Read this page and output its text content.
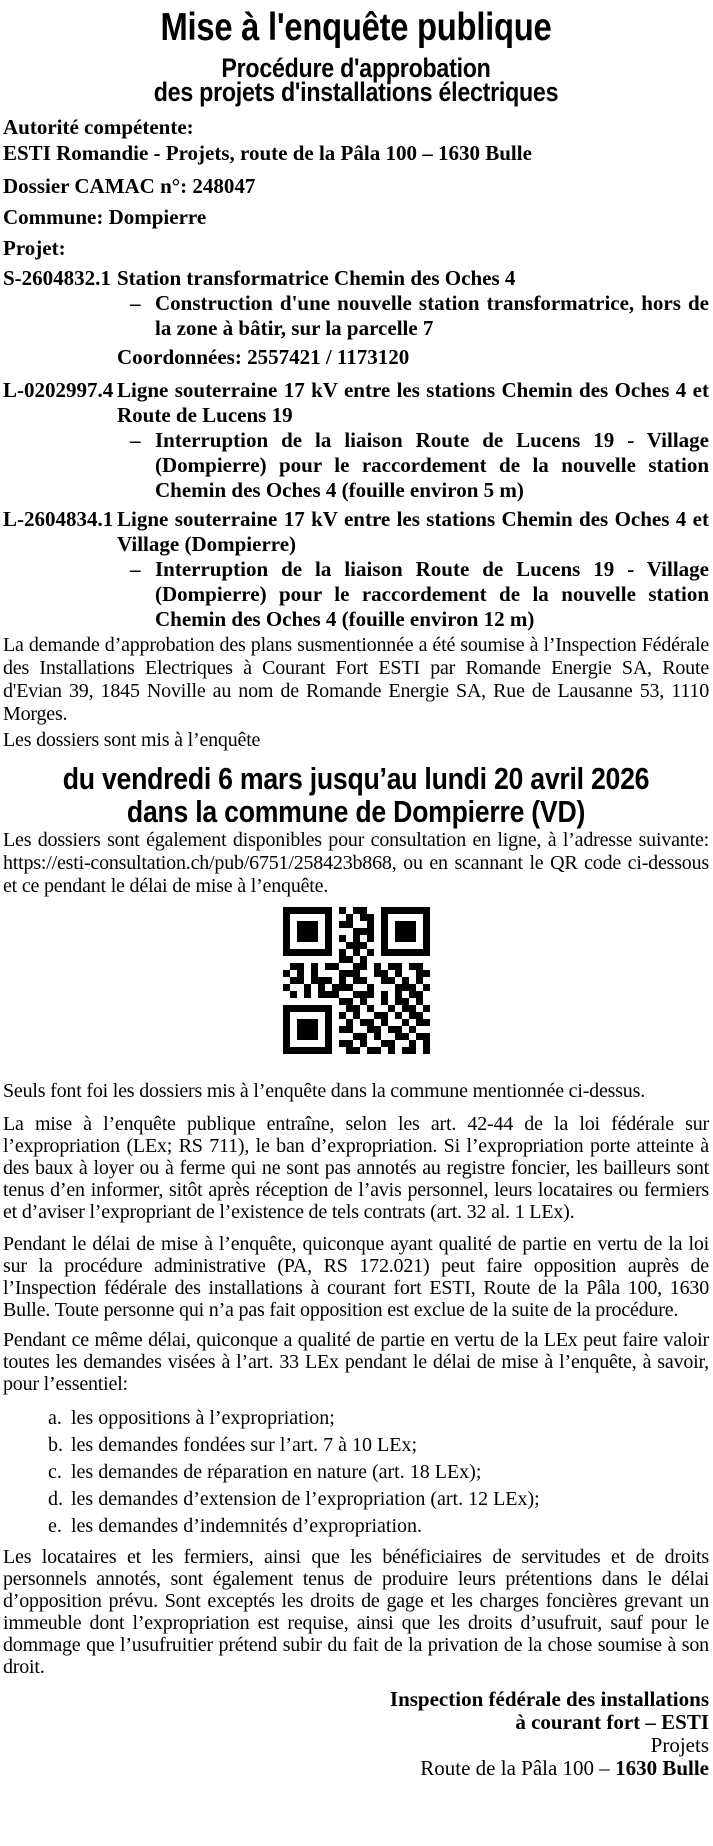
Mise à l'enquête publique
Procédure d'approbation
des projets d'installations électriques
Autorité compétente:
ESTI Romandie - Projets, route de la Pâla 100 – 1630 Bulle
Dossier CAMAC n°: 248047
Commune: Dompierre
Projet:
S-2604832.1 Station transformatrice Chemin des Oches 4
– Construction d'une nouvelle station transformatrice, hors de la zone à bâtir, sur la parcelle 7
Coordonnées: 2557421 / 1173120
L-0202997.4 Ligne souterraine 17 kV entre les stations Chemin des Oches 4 et Route de Lucens 19
– Interruption de la liaison Route de Lucens 19 - Village (Dompierre) pour le raccordement de la nouvelle station Chemin des Oches 4 (fouille environ 5 m)
L-2604834.1 Ligne souterraine 17 kV entre les stations Chemin des Oches 4 et Village (Dompierre)
– Interruption de la liaison Route de Lucens 19 - Village (Dompierre) pour le raccordement de la nouvelle station Chemin des Oches 4 (fouille environ 12 m)
La demande d’approbation des plans susmentionnée a été soumise à l’Inspection Fédérale des Installations Electriques à Courant Fort ESTI par Romande Energie SA, Route d'Evian 39, 1845 Noville au nom de Romande Energie SA, Rue de Lausanne 53, 1110 Morges.
Les dossiers sont mis à l’enquête
du vendredi 6 mars jusqu’au lundi 20 avril 2026
dans la commune de Dompierre (VD)
Les dossiers sont également disponibles pour consultation en ligne, à l’adresse suivante: https://esti-consultation.ch/pub/6751/258423b868, ou en scannant le QR code ci-dessous et ce pendant le délai de mise à l’enquête.
Seuls font foi les dossiers mis à l’enquête dans la commune mentionnée ci-dessus.
La mise à l’enquête publique entraîne, selon les art. 42-44 de la loi fédérale sur l’expropriation (LEx; RS 711), le ban d’expropriation. Si l’expropriation porte atteinte à des baux à loyer ou à ferme qui ne sont pas annotés au registre foncier, les bailleurs sont tenus d’en informer, sitôt après réception de l’avis personnel, leurs locataires ou fermiers et d’aviser l’expropriant de l’existence de tels contrats (art. 32 al. 1 LEx).
Pendant le délai de mise à l’enquête, quiconque ayant qualité de partie en vertu de la loi sur la procédure administrative (PA, RS 172.021) peut faire opposition auprès de l’Inspection fédérale des installations à courant fort ESTI, Route de la Pâla 100, 1630 Bulle. Toute personne qui n’a pas fait opposition est exclue de la suite de la procédure.
Pendant ce même délai, quiconque a qualité de partie en vertu de la LEx peut faire valoir toutes les demandes visées à l’art. 33 LEx pendant le délai de mise à l’enquête, à savoir, pour l’essentiel:
a. les oppositions à l’expropriation;
b. les demandes fondées sur l’art. 7 à 10 LEx;
c. les demandes de réparation en nature (art. 18 LEx);
d. les demandes d’extension de l’expropriation (art. 12 LEx);
e. les demandes d’indemnités d’expropriation.
Les locataires et les fermiers, ainsi que les bénéficiaires de servitudes et de droits personnels annotés, sont également tenus de produire leurs prétentions dans le délai d’opposition prévu. Sont exceptés les droits de gage et les charges foncières grevant un immeuble dont l’expropriation est requise, ainsi que les droits d’usufruit, sauf pour le dommage que l’usufruitier prétend subir du fait de la privation de la chose soumise à son droit.
Inspection fédérale des installations
à courant fort – ESTI
Projets
Route de la Pâla 100 – 1630 Bulle
